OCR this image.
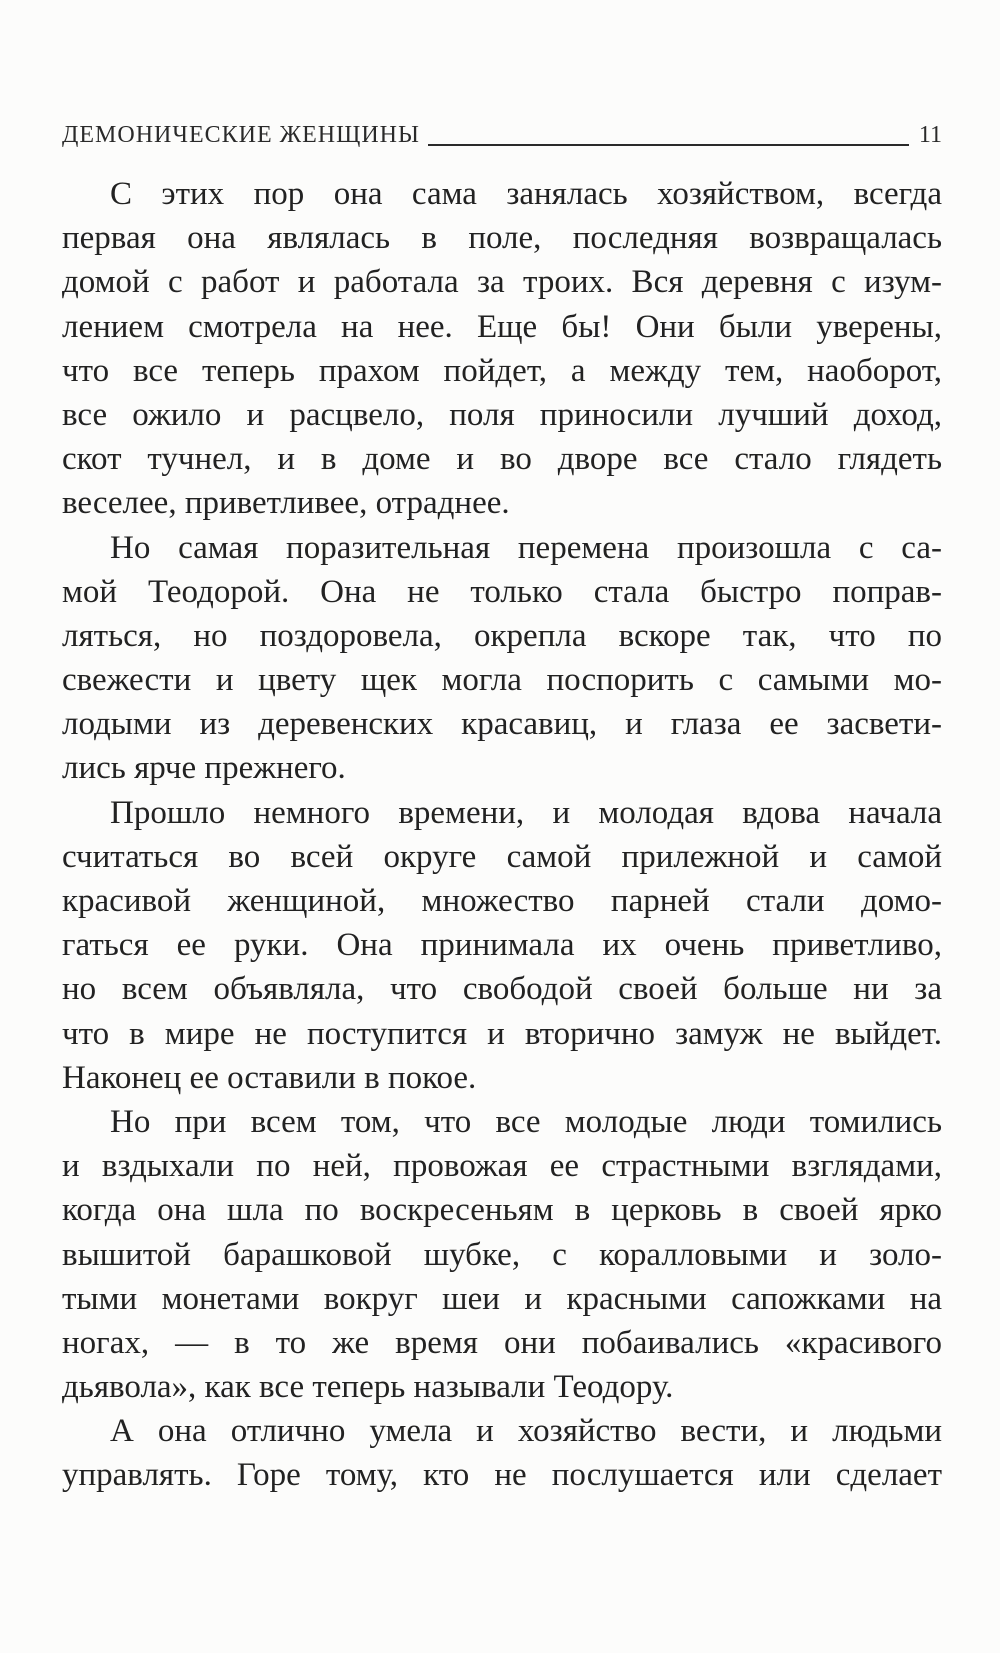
ДЕМОНИЧЕСКИЕ ЖЕНЩИНЫ	11
С этих пор она сама занялась хозяйством, всегда
первая она являлась в поле, последняя возвращалась
домой с работ и работала за троих. Вся деревня с изум-
лением смотрела на нее. Еще бы! Они были уверены,
что все теперь прахом пойдет, а между тем, наоборот,
все ожило и расцвело, поля приносили лучший доход,
скот тучнел, и в доме и во дворе все стало глядеть
веселее, приветливее, отраднее.
Но самая поразительная перемена произошла с са-
мой Теодорой. Она не только стала быстро поправ-
ляться, но поздоровела, окрепла вскоре так, что по
свежести и цвету щек могла поспорить с самыми мо-
лодыми из деревенских красавиц, и глаза ее засвети-
лись ярче прежнего.
Прошло немного времени, и молодая вдова начала
считаться во всей округе самой прилежной и самой
красивой женщиной, множество парней стали домо-
гаться ее руки. Она принимала их очень приветливо,
но всем объявляла, что свободой своей больше ни за
что в мире не поступится и вторично замуж не выйдет.
Наконец ее оставили в покое.
Но при всем том, что все молодые люди томились
и вздыхали по ней, провожая ее страстными взглядами,
когда она шла по воскресеньям в церковь в своей ярко
вышитой барашковой шубке, с коралловыми и золо-
тыми монетами вокруг шеи и красными сапожками на
ногах, — в то же время они побаивались «красивого
дьявола», как все теперь называли Теодору.
А она отлично умела и хозяйство вести, и людьми
управлять. Горе тому, кто не послушается или сделает
